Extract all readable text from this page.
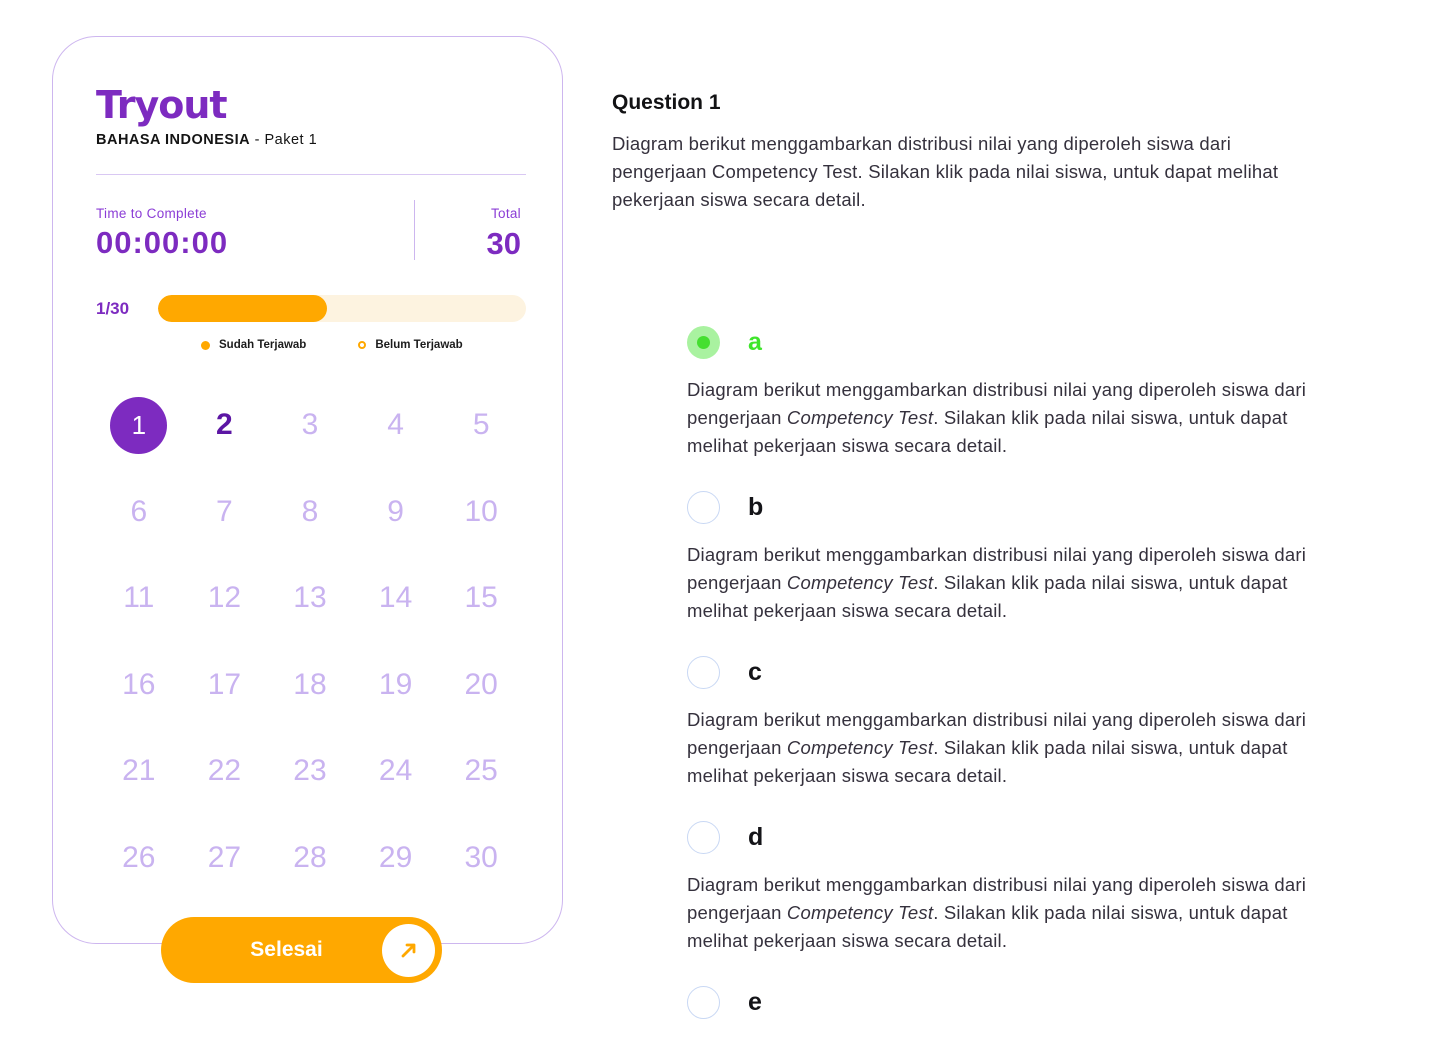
Tryout
BAHASA INDONESIA - Paket 1
Time to Complete
00:00:00
Total
30
1/30
Sudah Terjawab	Belum Terjawab
1	2 3 4 5
6 7 8 9 10
11 12 13 14 15
16 17 18 19 20
21 22 23 24 25
26 27 28 29 30
Selesai
Question 1

Diagram berikut menggambarkan distribusi nilai yang diperoleh siswa dari pengerjaan Competency Test. Silakan klik pada nilai siswa, untuk dapat melihat pekerjaan siswa secara detail.

a

Diagram berikut menggambarkan distribusi nilai yang diperoleh siswa dari pengerjaan Competency Test. Silakan klik pada nilai siswa, untuk dapat melihat pekerjaan siswa secara detail.

b

Diagram berikut menggambarkan distribusi nilai yang diperoleh siswa dari pengerjaan Competency Test. Silakan klik pada nilai siswa, untuk dapat melihat pekerjaan siswa secara detail.

c

Diagram berikut menggambarkan distribusi nilai yang diperoleh siswa dari pengerjaan Competency Test. Silakan klik pada nilai siswa, untuk dapat melihat pekerjaan siswa secara detail.

d

Diagram berikut menggambarkan distribusi nilai yang diperoleh siswa dari pengerjaan Competency Test. Silakan klik pada nilai siswa, untuk dapat melihat pekerjaan siswa secara detail.

e
